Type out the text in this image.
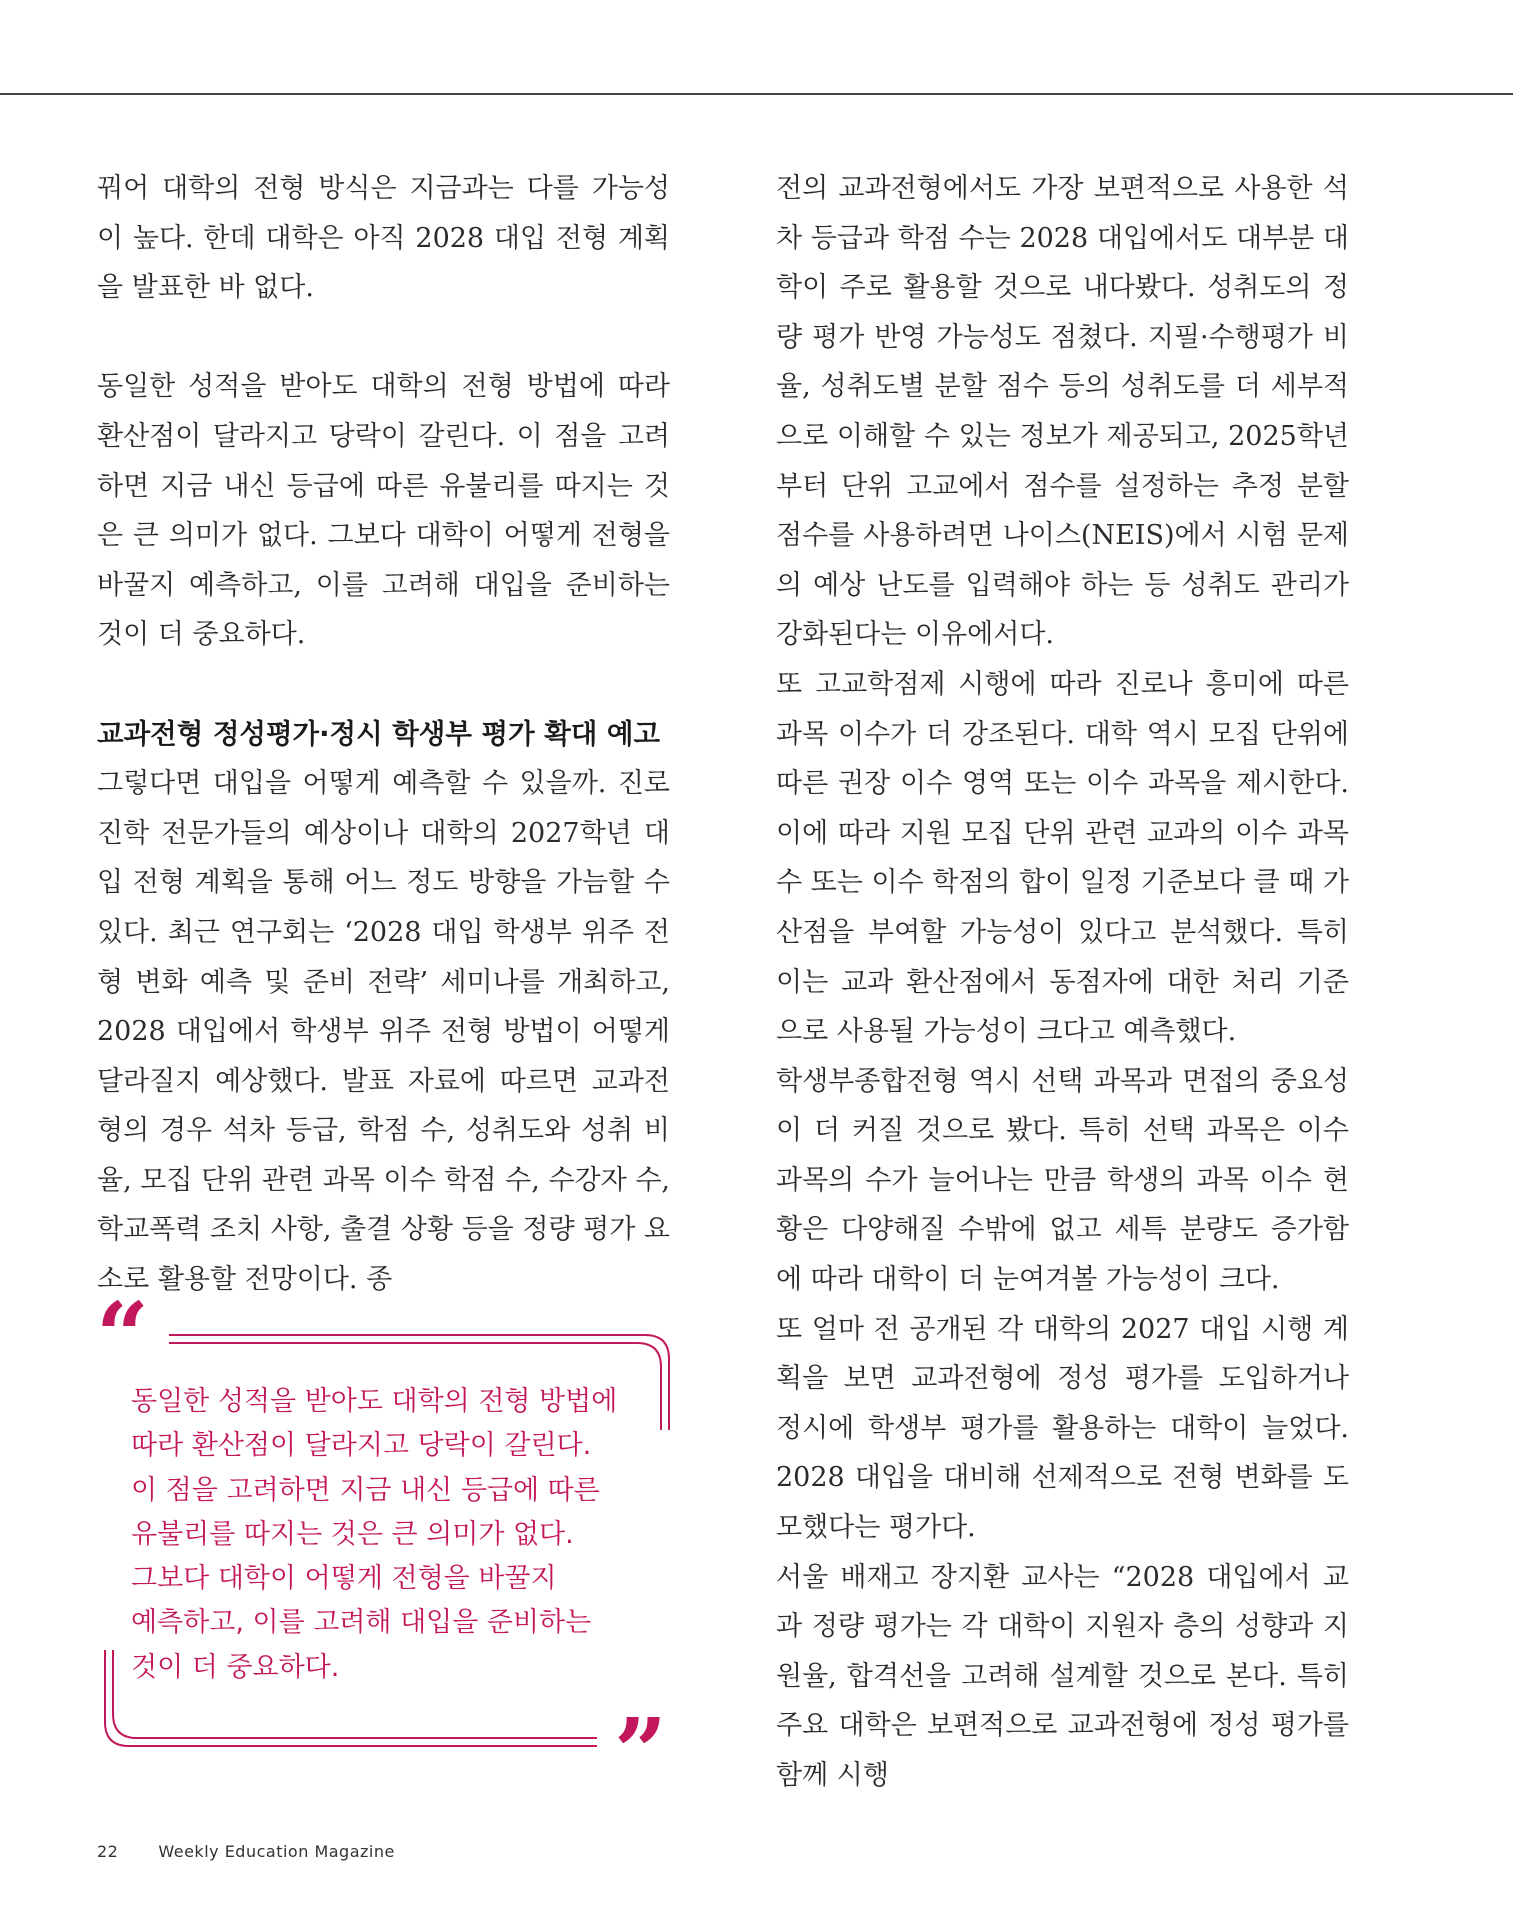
꿔어 대학의 전형 방식은 지금과는 다를 가능성이 높다. 한데 대학은 아직 2028 대입 전형 계획을 발표한 바 없다.

동일한 성적을 받아도 대학의 전형 방법에 따라 환산점이 달라지고 당락이 갈린다. 이 점을 고려하면 지금 내신 등급에 따른 유불리를 따지는 것은 큰 의미가 없다. 그보다 대학이 어떻게 전형을 바꿀지 예측하고, 이를 고려해 대입을 준비하는 것이 더 중요하다.

교과전형 정성평가·정시 학생부 평가 확대 예고

그렇다면 대입을 어떻게 예측할 수 있을까. 진로진학 전문가들의 예상이나 대학의 2027학년 대입 전형 계획을 통해 어느 정도 방향을 가늠할 수 있다. 최근 연구회는 ‘2028 대입 학생부 위주 전형 변화 예측 및 준비 전략’ 세미나를 개최하고, 2028 대입에서 학생부 위주 전형 방법이 어떻게 달라질지 예상했다. 발표 자료에 따르면 교과전형의 경우 석차 등급, 학점 수, 성취도와 성취 비율, 모집 단위 관련 과목 이수 학점 수, 수강자 수, 학교폭력 조치 사항, 출결 상황 등을 정량 평가 요소로 활용할 전망이다. 종

전의 교과전형에서도 가장 보편적으로 사용한 석차 등급과 학점 수는 2028 대입에서도 대부분 대학이 주로 활용할 것으로 내다봤다. 성취도의 정량 평가 반영 가능성도 점쳤다. 지필·수행평가 비율, 성취도별 분할 점수 등의 성취도를 더 세부적으로 이해할 수 있는 정보가 제공되고, 2025학년부터 단위 고교에서 점수를 설정하는 추정 분할 점수를 사용하려면 나이스(NEIS)에서 시험 문제의 예상 난도를 입력해야 하는 등 성취도 관리가 강화된다는 이유에서다.

또 고교학점제 시행에 따라 진로나 흥미에 따른 과목 이수가 더 강조된다. 대학 역시 모집 단위에 따른 권장 이수 영역 또는 이수 과목을 제시한다. 이에 따라 지원 모집 단위 관련 교과의 이수 과목 수 또는 이수 학점의 합이 일정 기준보다 클 때 가산점을 부여할 가능성이 있다고 분석했다. 특히 이는 교과 환산점에서 동점자에 대한 처리 기준으로 사용될 가능성이 크다고 예측했다.

학생부종합전형 역시 선택 과목과 면접의 중요성이 더 커질 것으로 봤다. 특히 선택 과목은 이수 과목의 수가 늘어나는 만큼 학생의 과목 이수 현황은 다양해질 수밖에 없고 세특 분량도 증가함에 따라 대학이 더 눈여겨볼 가능성이 크다.

또 얼마 전 공개된 각 대학의 2027 대입 시행 계획을 보면 교과전형에 정성 평가를 도입하거나 정시에 학생부 평가를 활용하는 대학이 늘었다. 2028 대입을 대비해 선제적으로 전형 변화를 도모했다는 평가다.

서울 배재고 장지환 교사는 “2028 대입에서 교과 정량 평가는 각 대학이 지원자 층의 성향과 지원율, 합격선을 고려해 설계할 것으로 본다. 특히 주요 대학은 보편적으로 교과전형에 정성 평가를 함께 시행

“
”

동일한 성적을 받아도 대학의 전형 방법에

따라 환산점이 달라지고 당락이 갈린다.

이 점을 고려하면 지금 내신 등급에 따른

유불리를 따지는 것은 큰 의미가 없다.

그보다 대학이 어떻게 전형을 바꿀지

예측하고, 이를 고려해 대입을 준비하는

것이 더 중요하다.

22	Weekly Education Magazine
